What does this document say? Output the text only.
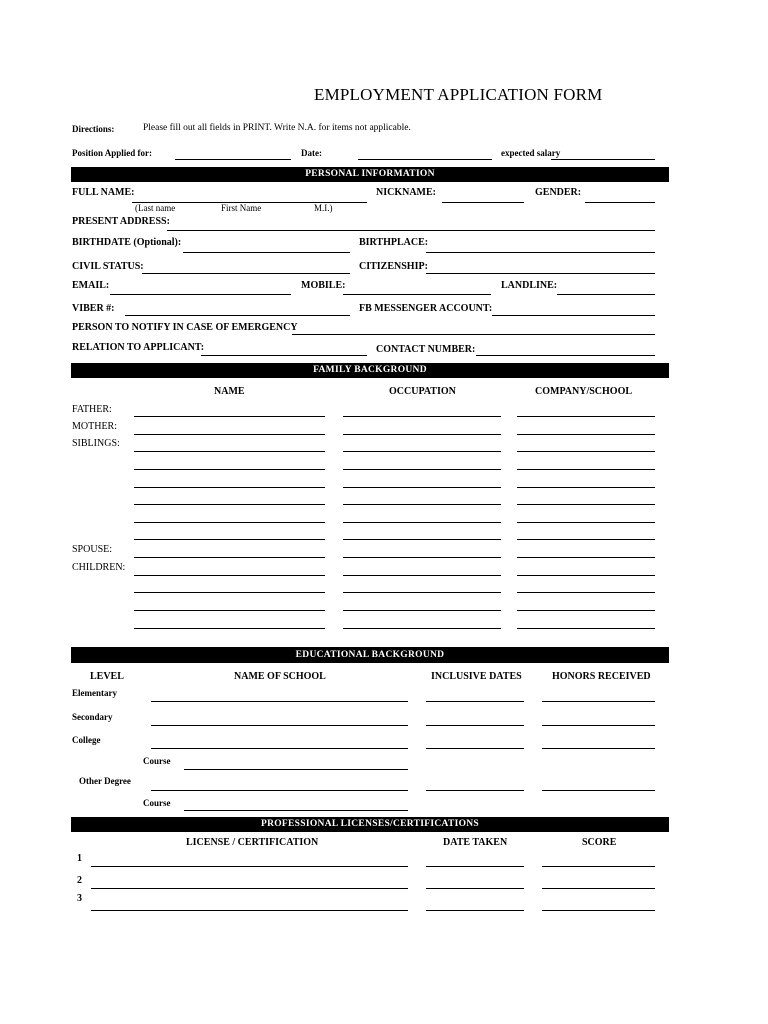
EMPLOYMENT APPLICATION FORM
Directions:	Please fill out all fields in PRINT. Write N.A. for items not applicable.
Position Applied for:	Date:	expected salary
PERSONAL INFORMATION
FULL NAME:
(Last name	First Name	M.I.)
NICKNAME:	GENDER:
PRESENT ADDRESS:
BIRTHDATE (Optional):	BIRTHPLACE:
CIVIL STATUS:	CITIZENSHIP:
EMAIL:	MOBILE:	LANDLINE:
VIBER #:	FB MESSENGER ACCOUNT:
PERSON TO NOTIFY IN CASE OF EMERGENCY
RELATION TO APPLICANT:	CONTACT NUMBER:
FAMILY BACKGROUND
NAME	OCCUPATION	COMPANY/SCHOOL
FATHER:
MOTHER:
SIBLINGS:
SPOUSE:
CHILDREN:
EDUCATIONAL BACKGROUND
LEVEL	NAME OF SCHOOL	INCLUSIVE DATES	HONORS RECEIVED
Elementary
Secondary
College
Course
Other Degree
Course
PROFESSIONAL LICENSES/CERTIFICATIONS
LICENSE / CERTIFICATION	DATE TAKEN	SCORE
1
2
3
